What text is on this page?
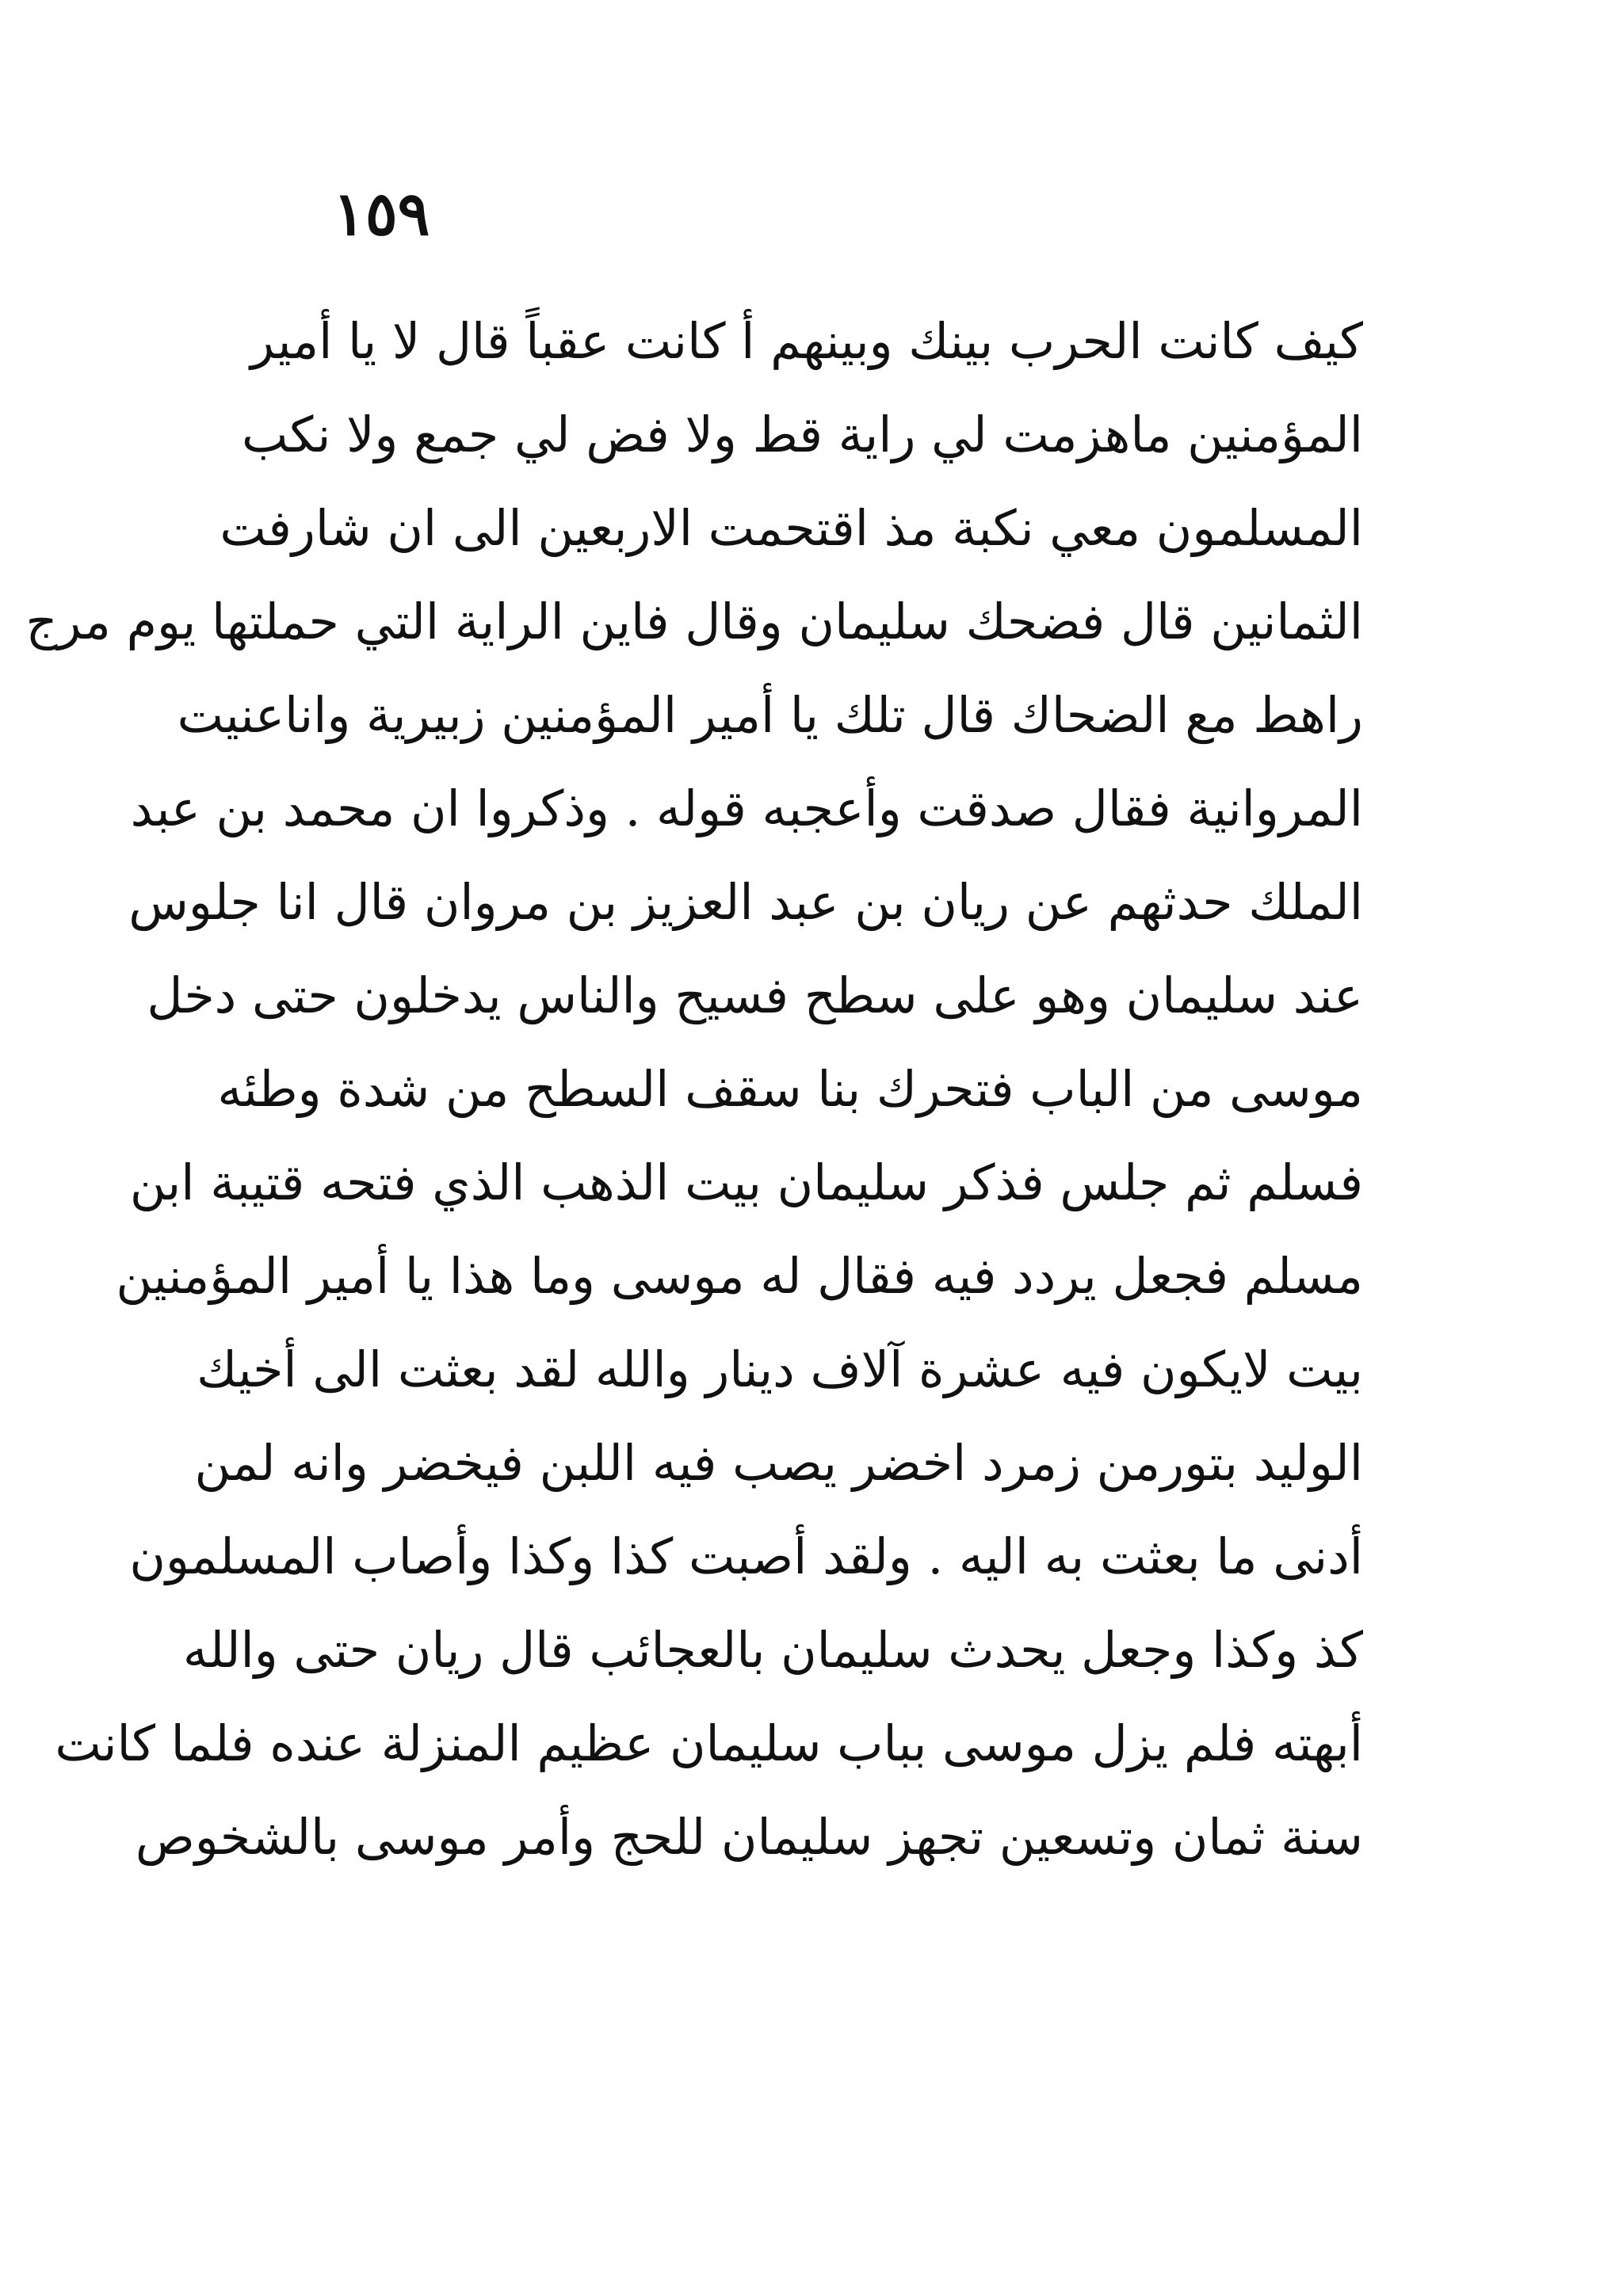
١٥٩
كيف كانت الحرب بينك وبينهم أ كانت عقباً قال لا يا أمير
المؤمنين ماهزمت لي راية قط ولا فض لي جمع ولا نكب
المسلمون معي نكبة مذ اقتحمت الاربعين الى ان شارفت
الثمانين قال فضحك سليمان وقال فاين الراية التي حملتها يوم مرج
راهط مع الضحاك قال تلك يا أمير المؤمنين زبيرية واناعنيت
المروانية فقال صدقت وأعجبه قوله . وذكروا ان محمد بن عبد
الملك حدثهم عن ريان بن عبد العزيز بن مروان قال انا جلوس
عند سليمان وهو على سطح فسيح والناس يدخلون حتى دخل
موسى من الباب فتحرك بنا سقف السطح من شدة وطئه
فسلم ثم جلس فذكر سليمان بيت الذهب الذي فتحه قتيبة ابن
مسلم فجعل يردد فيه فقال له موسى وما هذا يا أمير المؤمنين
بيت لايكون فيه عشرة آلاف دينار والله لقد بعثت الى أخيك
الوليد بتورمن زمرد اخضر يصب فيه اللبن فيخضر وانه لمن
أدنى ما بعثت به اليه . ولقد أصبت كذا وكذا وأصاب المسلمون
كذ وكذا وجعل يحدث سليمان بالعجائب قال ريان حتى والله
أبهته فلم يزل موسى بباب سليمان عظيم المنزلة عنده فلما كانت
سنة ثمان وتسعين تجهز سليمان للحج وأمر موسى بالشخوص
